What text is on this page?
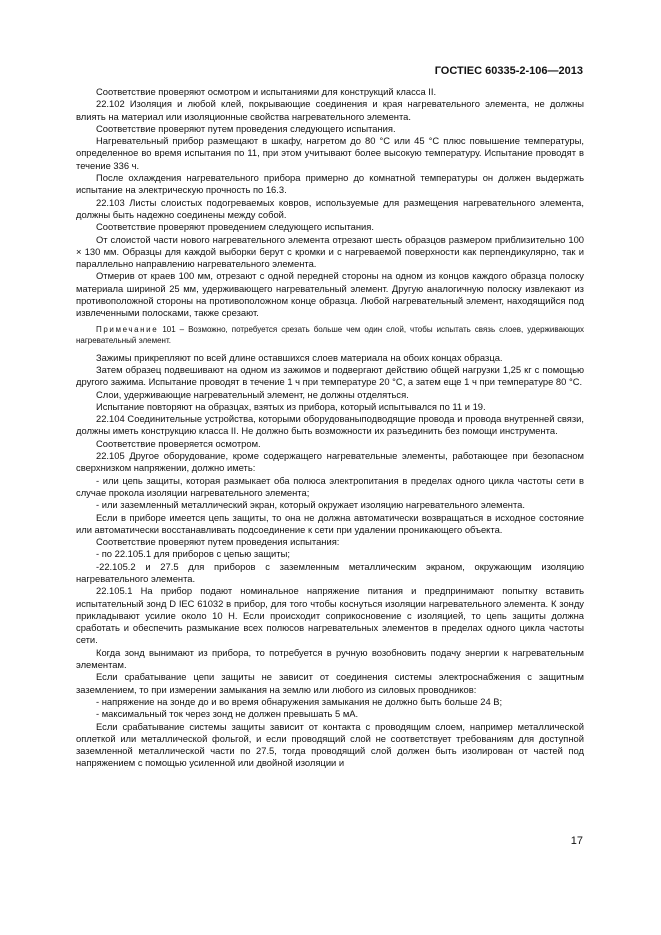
ГОСТIEC 60335-2-106—2013

Соответствие проверяют осмотром и испытаниями для конструкций класса II.

22.102 Изоляция и любой клей, покрывающие соединения и края нагревательного элемента, не должны влиять на материал или изоляционные свойства нагревательного элемента.

Соответствие проверяют путем проведения следующего испытания.

Нагревательный прибор размещают в шкафу, нагретом до 80 °С или 45 °С плюс повышение температуры, определенное во время испытания по 11, при этом учитывают более высокую температуру. Испытание проводят в течение 336 ч.

После охлаждения нагревательного прибора примерно до комнатной температуры он должен выдержать испытание на электрическую прочность по 16.3.

22.103 Листы слоистых подогреваемых ковров, используемые для размещения нагревательного элемента, должны быть надежно соединены между собой.

Соответствие проверяют проведением следующего испытания.

От слоистой части нового нагревательного элемента отрезают шесть образцов размером приблизительно 100 × 130 мм. Образцы для каждой выборки берут с кромки и с нагреваемой поверхности как перпендикулярно, так и параллельно направлению нагревательного элемента.

Отмерив от краев 100 мм, отрезают с одной передней стороны на одном из концов каждого образца полоску материала шириной 25 мм, удерживающего нагревательный элемент. Другую аналогичную полоску извлекают из противоположной стороны на противоположном конце образца. Любой нагревательный элемент, находящийся под извлеченными полосками, также срезают.

Примечание 101 – Возможно, потребуется срезать больше чем один слой, чтобы испытать связь слоев, удерживающих нагревательный элемент.

Зажимы прикрепляют по всей длине оставшихся слоев материала на обоих концах образца.

Затем образец подвешивают на одном из зажимов и подвергают действию общей нагрузки 1,25 кг с помощью другого зажима. Испытание проводят в течение 1 ч при температуре 20 °С, а затем еще 1 ч при температуре 80 °С.

Слои, удерживающие нагревательный элемент, не должны отделяться.

Испытание повторяют на образцах, взятых из прибора, который испытывался по 11 и 19.

22.104 Соединительные устройства, которыми оборудованыподводящие провода и провода внутренней связи, должны иметь конструкцию класса II. Не должно быть возможности их разъединить без помощи инструмента.

Соответствие проверяется осмотром.

22.105 Другое оборудование, кроме содержащего нагревательные элементы, работающее при безопасном сверхнизком напряжении, должно иметь:

- или цепь защиты, которая размыкает оба полюса электропитания в пределах одного цикла частоты сети в случае прокола изоляции нагревательного элемента;

- или заземленный металлический экран, который окружает изоляцию нагревательного элемента.

Если в приборе имеется цепь защиты, то она не должна автоматически возвращаться в исходное состояние или автоматически восстанавливать подсоединение к сети при удалении проникающего объекта.

Соответствие проверяют путем проведения испытания:

- по 22.105.1 для приборов с цепью защиты;

-22.105.2 и 27.5 для приборов с заземленным металлическим экраном, окружающим изоляцию нагревательного элемента.

22.105.1 На прибор подают номинальное напряжение питания и предпринимают попытку вставить испытательный зонд D IEC 61032 в прибор, для того чтобы коснуться изоляции нагревательного элемента. К зонду прикладывают усилие около 10 Н. Если происходит соприкосновение с изоляцией, то цепь защиты должна сработать и обеспечить размыкание всех полюсов нагревательных элементов в пределах одного цикла частоты сети.

Когда зонд вынимают из прибора, то потребуется в ручную возобновить подачу энергии к нагревательным элементам.

Если срабатывание цепи защиты не зависит от соединения системы электроснабжения с защитным заземлением, то при измерении замыкания на землю или любого из силовых проводников:

- напряжение на зонде до и во время обнаружения замыкания не должно быть больше 24 В;

- максимальный ток через зонд не должен превышать 5 мА.

Если срабатывание системы защиты зависит от контакта с проводящим слоем, например металлической оплеткой или металлической фольгой, и если проводящий слой не соответствует требованиям для доступной заземленной металлической части по 27.5, тогда проводящий слой должен быть изолирован от частей под напряжением с помощью усиленной или двойной изоляции и

17
